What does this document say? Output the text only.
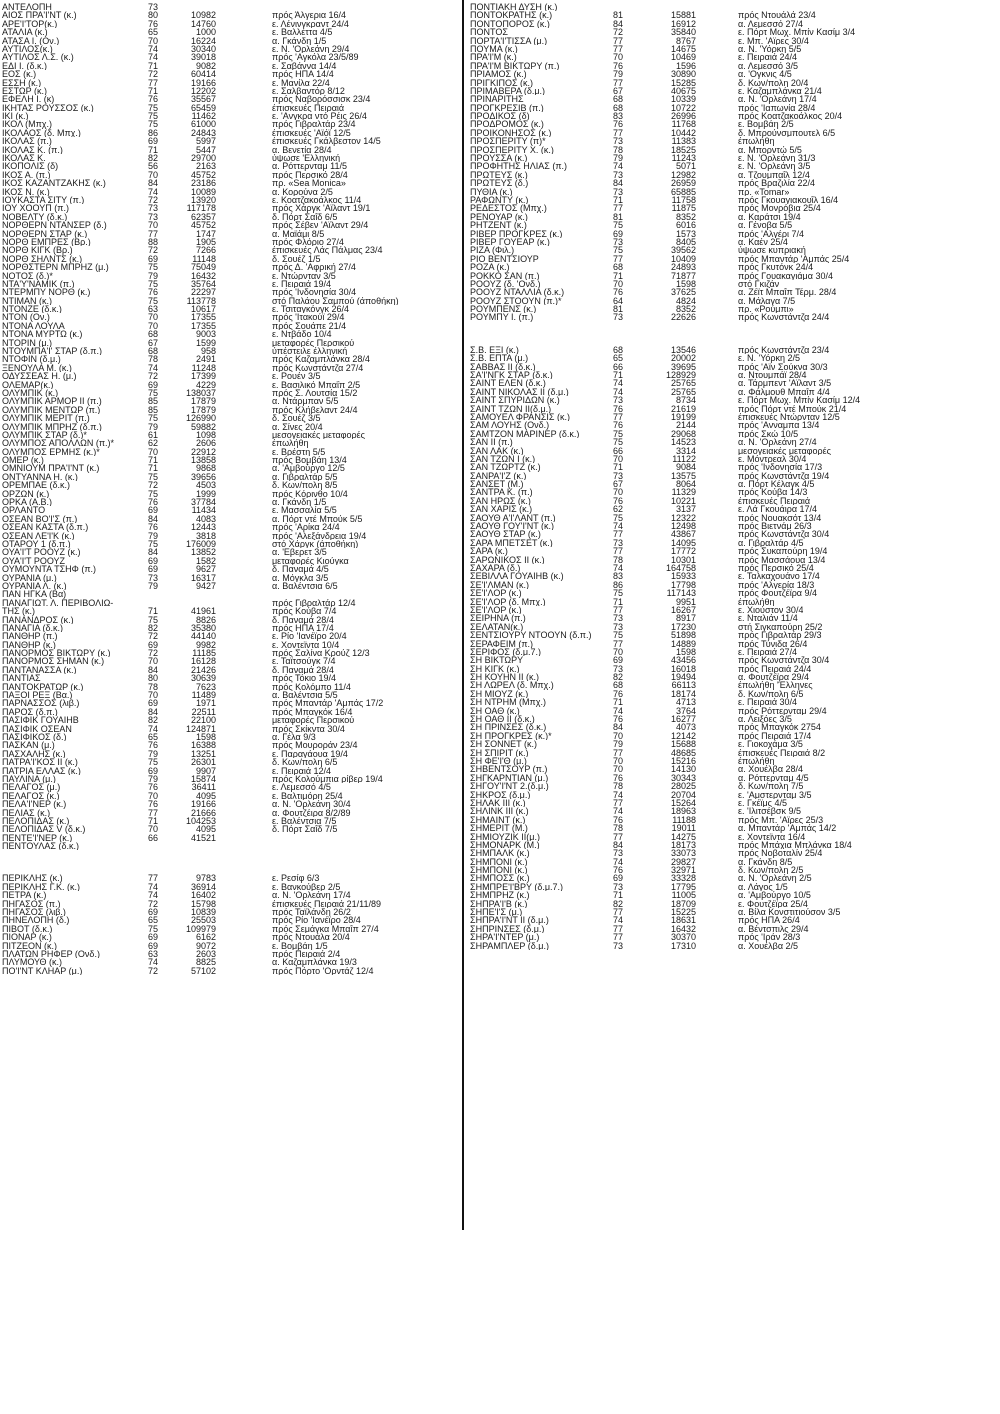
ΑΝΤΕΛΟΠΗ	73
ΑΙΟΣ ΠΡΑ'Ι'ΝΤ (κ.)	80	10982	πρός Άλγερια 16/4
ΑΡΕ'Ι'ΤΟΡ(κ.)	76	14760	ε. Λένινγκραντ 24/4
ΑΤΑΛΙΑ (κ.)	65	1000	ε. Βαλλέττα 4/5
ΑΤΑΣΑ Ι. (Ον.)	70	16224	α. Γκάνδη 1/5
ΑΥΤΙΛΟΣ(κ.)	74	30340	ε. Ν. 'Ορλεάνη 29/4
ΑΥΤΙΛΟΣ Λ.Σ. (κ.)	74	39018	πρός 'Αγκόλα 23/5/89
ΕΔΙ Ι. (δ.κ.)	71	9082	ε. Σαβάννα 14/4
ΕΟΣ (κ.)	72	60414	πρός ΗΠΑ 14/4
ΕΣΣΗ (κ.)	77	19166	ε. Μανίλα 22/4
ΕΣΤΩΡ (κ.)	71	12202	ε. Σαλβαντόρ 8/12
ΕΦΕΛΗ Ι. (κ)	76	35567	πρός Ναβορόσσισκ 23/4
ΙΚΗΤΑΣ ΡΟΥΣΣΟΣ (κ.)	75	65459	έπισκευές Πειραιά
ΙΚΙ (κ.)	75	11462	ε. 'Ανγκρα ντό Ρέις 26/4
ΙΚΟΛ (Μπχ.)	75	61000	πρός Γιβραλτάρ 23/4
ΙΚΟΛΑΟΣ (δ. Μπχ.)	86	24843	έπισκευές 'Αϊόϊ 12/5
ΙΚΟΛΑΣ (π.)	69	5997	έπισκευές Γκάλβεστον 14/5
ΙΚΟΛΑΣ Κ. (π.)	71	5447	α. Βενετία 28/4
ΙΚΟΛΑΣ Κ.	82	29700	ύψωσε 'Ελληνική
ΙΚΟΠΟΛΙΣ (δ)	56	2163	α. Ρόττερνταμ 11/5
ΙΚΟΣ Α. (π.)	70	45752	πρός Περσικό 28/4
ΙΚΟΣ ΚΑΖΑΝΤΖΑΚΗΣ (κ.)	84	23186	πρ. «Sea Monica»
ΙΚΟΣ Ν. (κ.)	74	10089	α. Κορούνα 2/5
ΙΟΥΚΑΣΤΑ ΣΙΤΥ (π.)	72	13920	ε. Κοατζακοάλκος 11/4
ΙΟΥ ΧΟΟΥΠ (π.)	73	117178	πρός Χάργκ 'Αϊλαντ 19/1
ΝΟΒΕΛΤΥ (δ.κ.)	73	62357	δ. Πόρτ Σαΐδ 6/5
ΝΟΡΘΕΡΝ ΝΤΑΝΣΕΡ (δ.)	70	45752	πρός Σέβεν 'Αϊλαντ 29/4
ΝΟΡΘΕΡΝ ΣΤΑΡ (κ.)	77	1747	α. Μαϊάμι 8/5
ΝΟΡΘ ΕΜΠΡΕΣ (Βρ.)	88	1905	πρός Φλόριο 27/4
ΝΟΡΘ ΚΙΓΚ (Βρ.)	72	7266	έπισκευές Λάς Πάλμας 23/4
ΝΟΡΘ ΣΗΛΝΤΣ (κ.)	69	11148	δ. Σουέζ 1/5
ΝΟΡΘΣΤΕΡΝ ΜΠΡΗΖ (μ.)	75	75049	πρός Δ. 'Αφρική 27/4
ΝΟΤΟΣ (δ.)*	79	16432	ε. Ντώρνταν 3/5
ΝΤΑ'Υ'ΝΑΜΙΚ (π.)	75	35764	ε. Πειραιά 19/4
ΝΤΕΡΜΠΥ ΝΟΡΘ (κ.)	76	22297	πρός 'Ινδονησία 30/4
ΝΤΙΜΑΝ (κ.)	75	113778	στό Παλάου Σαμπού (άποθήκη)
ΝΤΟΝΖΕ (δ.κ.)	63	10617	ε. Τσιταγκόνγκ 26/4
ΝΤΟΝ (Ον.)	70	17355	πρός 'Ιτακούϊ 29/4
ΝΤΟΝΑ ΛΟΥΛΑ	70	17355	πρός Σουάπε 21/4
ΝΤΟΝΑ ΜΥΡΤΩ (κ.)	68	9003	ε. Ντβάδο 10/4
ΝΤΟΡΙΝ (μ.)	67	1599	μεταφορές Περσικού
ΝΤΟΥΜΠΑ'Ι' ΣΤΑΡ (δ.π.)	68	958	ύπέστειλε έλληνική
ΝΤΟΦΙΝ (δ.μ.)	78	2491	πρός Καζαμπλάνκα 28/4
ΞΕΝΟΥΛΑ Μ. (κ.)	74	11248	πρός Κωνστάντζα 27/4
ΟΔΥΣΣΕΑΣ Η. (μ.)	72	17399	ε. Ρουέν 3/5
ΟΛΕΜΑΡ(κ.)	69	4229	ε. Βασιλικό Μπαΐπ 2/5
ΟΛΥΜΠΙΚ (κ.)	75	138037	πρός Σ. Λουτσία 15/2
ΟΛΥΜΠΙΚ ΑΡΜΟΡ ΙΙ (π.)	85	17879	α. Ντάρμπαν 5/5
ΟΛΥΜΠΙΚ ΜΕΝΤΩΡ (π.)	85	17879	πρός Κλήβελαντ 24/4
ΟΛΥΜΠΙΚ ΜΕΡΙΤ (π.)	75	126990	δ. Σουέζ 3/5
ΟΛΥΜΠΙΚ ΜΠΡΗΖ (δ.π.)	79	59882	α. Σίνες 20/4
ΟΛΥΜΠΙΚ ΣΤΑΡ (δ.)*	61	1098	μεσογειακές μεταφορές
ΟΛΥΜΠΟΣ ΑΠΟΛΛΩΝ (π.)*	62	2606	έπωλήθη
ΟΛΥΜΠΟΣ ΕΡΜΗΣ (κ.)*	70	22912	ε. Βρέστη 5/5
ΟΜΕΡ (κ.)	71	13858	πρός Βομβάη 13/4
ΟΜΝΙΟΥΜ ΠΡΑ'Ι'ΝΤ (κ.)	71	9868	α. 'Αμβούργο 12/5
ΟΝΤΥΑΝΝΑ Η. (κ.)	75	39656	α. Γιβραλτάρ 5/5
ΟΡΕΜΠΑΕ (δ.κ.)	72	4503	δ. Κων/πολη 8/5
ΟΡΖΩΝ (κ.)	75	1999	πρός Κόρινθο 10/4
ΟΡΚΑ (Α.Β.)	76	37784	α. Γκάνδη 1/5
ΟΡΛΑΝΤΟ	69	11434	ε. Μασσαλία 5/5
ΟΣΕΑΝ ΒΟ'Ι'Σ (π.)	84	4083	α. Πόρτ ντέ Μπούκ 5/5
ΟΣΕΑΝ ΚΑΣΤΑ (δ.π.)	76	12443	πρός 'Αρίκα 24/4
ΟΣΕΑΝ ΛΕ'Ι'Κ (κ.)	79	3818	πρός 'Αλεξάνδρεια 19/4
ΟΤΑΡΟΥ 1 (δ.π.)	75	176009	στό Χάργκ (άποθήκη)
ΟΥΑ'Ι'Τ ΡΟΟΥΖ (κ.)	84	13852	α. 'Εβερετ 3/5
ΟΥΑ'Ι'Τ ΡΟΟΥΖ	69	1582	μεταφορές Κιούγκα
ΟΥΜΟΥΝΤΑ ΤΣΗΦ (π.)	69	9627	δ. Παναμά 4/5
ΟΥΡΑΝΙΑ (μ.)	73	16317	α. Μόγκλα 3/5
ΟΥΡΑΝΙΑ Λ. (κ.)	79	9427	α. Βαλέντσια 6/5
ΠΑΝ ΗΓΚΑ (Βα)
ΠΑΝΑΓΙΩΤ. Λ. ΠΕΡΙΒΟΛΙΩ-	πρός Γιβραλτάρ 12/4
ΤΗΣ (κ.)	71	41961	πρός Κούβα 7/4
ΠΑΝΑΝΔΡΟΣ (κ.)	75	8826	δ. Παναμά 28/4
ΠΑΝΑΓΙΑ (δ.κ.)	82	35380	πρός ΗΠΑ 17/4
ΠΑΝΘΗΡ (π.)	72	44140	ε. Ρίο 'Ιανέϊρο 20/4
ΠΑΝΘΗΡ (κ.)	69	9982	ε. Χοντεϊντα 10/4
ΠΑΝΟΡΜΟΣ ΒΙΚΤΩΡΥ (κ.)	72	11185	πρός Σαλίνα Κρούζ 12/3
ΠΑΝΟΡΜΟΣ ΣΗΜΑΝ (κ.)	70	16128	ε. Ταϊτσούγκ 7/4
ΠΑΝΤΑΝΑΣΣΑ (κ.)	84	21426	δ. Παναμά 28/4
ΠΑΝΤΙΑΣ	80	30639	πρός Τόκιο 19/4
ΠΑΝΤΟΚΡΑΤΩΡ (κ.)	78	7623	πρός Κολόμπο 11/4
ΠΑΞΟΙ ΡΕΞ (Βα.)	70	11489	α. Βαλέντσια 5/5
ΠΑΡΝΑΣΣΟΣ (λιβ.)	69	1971	πρός Μπαντάρ 'Αμπάς 17/2
ΠΑΡΟΣ (δ.π.)	84	22511	πρός Μπαγκόκ 16/4
ΠΑΣΙΦΙΚ ΓΟΥΑΙΗΒ	82	22100	μεταφορές Περσικού
ΠΑΣΙΦΙΚ ΟΣΕΑΝ	74	124871	πρός Σκίκντα 30/4
ΠΑΣΙΦΙΚΟΣ (δ.)	65	1598	α. Γέλα 9/3
ΠΑΣΚΑΝ (μ.)	76	16388	πρός Μουροράν 23/4
ΠΑΣΧΑΛΗΣ (κ.)	79	13251	ε. Παραγάουα 19/4
ΠΑΤΡΑ'Ι'ΚΟΣ ΙΙ (κ.)	75	26301	δ. Κων/πολη 6/5
ΠΑΤΡΙΑ ΕΛΛΑΣ (κ.)	69	9907	ε. Πειραιά 12/4
ΠΑΥΛΙΝΑ (μ.)	79	15874	πρός Κολούμπια ρίβερ 19/4
ΠΕΛΑΓΟΣ (μ.)	76	36411	ε. Λεμεσσό 4/5
ΠΕΛΑΓΟΣ (κ.)	70	4095	ε. Βαλτιμόρη 25/4
ΠΕΛΑ'Ι'ΝΕΡ (κ.)	76	19166	α. Ν. 'Ορλεάνη 30/4
ΠΕΛΙΑΣ (κ.)	77	21666	α. Φουτζέιρα 8/2/89
ΠΕΛΟΠΙΔΑΣ (κ.)	71	104253	ε. Βαλέντσια 7/5
ΠΕΛΟΠΙΔΑΣ V (δ.κ.)	70	4095	δ. Πόρτ Σαΐδ 7/5
ΠΕΝΤΕ'Ι'ΝΕΡ (κ.)	66	41521
ΠΕΝΤΟΥΛΑΣ (δ.κ.)
ΠΕΡΙΚΛΗΣ (κ.)	77	9783	ε. Ρεσίφ 6/3
ΠΕΡΙΚΛΗΣ Γ.Κ. (κ.)	74	36914	ε. Βανκούβερ 2/5
ΠΕΤΡΑ (κ.)	74	16402	α. Ν. 'Ορλεάνη 17/4
ΠΗΓΑΣΟΣ (π.)	72	15798	έπισκευές Πειραιά 21/11/89
ΠΗΓΑΣΟΣ (λιβ.)	69	10839	πρός Ταϊλάνδη 26/2
ΠΗΝΕΛΟΠΗ (δ.)	65	25503	πρός Ρίο 'Ιανέϊρο 28/4
ΠΙΒΟΤ (δ.κ.)	75	109979	πρός Σεμάγκα Μπαΐπ 27/4
ΠΙΟΝΑΡ (κ.)	69	6162	πρός Ντουάλα 20/4
ΠΙΤΖΕΟΝ (κ.)	69	9072	ε. Βομβάη 1/5
ΠΛΑΤΩΝ ΡΗΦΕΡ (Ονδ.)	63	2603	πρός Πειραιά 2/4
ΠΛΥΜΟΥΘ (κ.)	74	8825	α. Καζαμπλάνκα 19/3
ΠΟ'Ι'ΝΤ ΚΛΗΑΡ (μ.)	72	57102	πρός Πόρτο 'Ορντάζ 12/4
ΠΟΝΤΙΑΚΗ ΔΥΣΗ (κ.)
ΠΟΝΤΟΚΡΑΤΗΣ (κ.)	81	15881	πρός Ντουάλά 23/4
ΠΟΝΤΟΠΟΡΟΣ (κ.)	84	16912	α. Λεμεσσό 27/4
ΠΟΝΤΟΣ	72	35840	ε. Πόρτ Μωχ. Μπίν Κασίμ 3/4
ΠΟΡΤΑ'Ι'ΤΙΣΣΑ (μ.)	77	8767	ε. Μπ. 'Αϊρες 30/4
ΠΟΥΜΑ (κ.)	77	14675	α. Ν. 'Υόρκη 5/5
ΠΡΑ'Ι'Μ (κ.)	70	10469	ε. Πειραιά 24/4
ΠΡΑ'Ι'Μ ΒΙΚΤΩΡΥ (π.)	76	1596	α. Λεμεσσό 3/5
ΠΡΙΑΜΟΣ (κ.)	79	30890	α. 'Ογκνις 4/5
ΠΡΙΓΚΙΠΟΣ (κ.)	77	15285	δ. Κων/πολη 20/4
ΠΡΙΜΑΒΕΡΑ (δ.μ.)	67	40675	ε. Καζαμπλάνκα 21/4
ΠΡΙΝΑΡΙΤΗΣ	68	10339	α. Ν. 'Ορλεάνη 17/4
ΠΡΟΓΚΡΕΣΙΒ (π.)	68	10722	πρός 'Ιαπωνία 28/4
ΠΡΟΔΙΚΟΣ (δ)	83	26996	πρός Κοατζακοάλκος 20/4
ΠΡΟΔΡΟΜΟΣ (κ.)	76	11768	ε. Βομβάη 2/5
ΠΡΟΙΚΟΝΗΣΟΣ (κ.)	77	10442	δ. Μπρούνσμπουτελ 6/5
ΠΡΟΣΠΕΡΙΤΥ (π)*	73	11383	έπωλήθη
ΠΡΟΣΠΕΡΙΤΥ Χ. (κ.)	78	18525	α. Μπορντώ 5/5
ΠΡΟΥΣΣΑ (κ.)	79	11243	ε. Ν. 'Ορλεάνη 31/3
ΠΡΟΦΗΤΗΣ ΗΛΙΑΣ (π.)	74	5071	ε. Ν. 'Ορλεάνη 3/5
ΠΡΩΤΕΥΣ (κ.)	73	12982	α. Τζουμπαΐλ 12/4
ΠΡΩΤΕΥΣ (δ.)	84	26959	πρός Βραζιλία 22/4
ΠΥΘΙΑ (κ.)	73	65885	πρ. «Tomar»
ΡΑΦΩΝΤΥ (κ.)	71	11758	πρός Γκουαγιακουΐλ 16/4
ΡΕΔΕΣΤΟΣ (Μπχ.)	77	11875	πρός Μονρόβια 25/4
ΡΕΝΟΥΑΡ (κ.)	81	8352	α. Καράτσι 19/4
ΡΗΤΖΕΝΤ (κ.)	75	6016	α. Γένοβα 5/5
ΡΙΒΕΡ ΠΡΟΓΚΡΕΣ (κ.)	69	1573	πρός 'Αλγέρι 7/4
ΡΙΒΕΡ ΓΟΥΕΑΡ (κ.)	73	8405	α. Καέν 25/4
ΡΙΖΑ (Φιλ.)	75	39562	ύψωσε κυπριακή
ΡΙΟ ΒΕΝΤΣΙΟΥΡ	77	10409	πρός Μπαντάρ 'Αμπάς 25/4
ΡΟΖΑ (κ.)	68	24893	πρός Γκυτόνκ 24/4
ΡΟΚΚΟ ΣΑΝ (π.)	71	71877	πρός Γουακαγιάμα 30/4
ΡΟΟΥΖ (δ. 'Ονδ.)	70	1598	στό Γκιζάν
ΡΟΟΥΖ ΝΤΑΛΛΙΑ (δ.κ.)	76	37625	α. Ζέϊτ Μπαΐπ Τέρμ. 28/4
ΡΟΟΥΖ ΣΤΟΟΥΝ (π.)*	64	4824	α. Μάλαγα 7/5
ΡΟΥΜΠΕΝΣ (κ.)	81	8352	πρ. «Ρούμπι»
ΡΟΥΜΠΥ Ι. (π.)	73	22626	πρός Κωνστάντζα 24/4
Σ.Β. ΕΞΙ (κ.)	68	13546	πρός Κωνστάντζα 23/4
Σ.Β. ΕΠΤΑ (μ.)	65	20002	ε. Ν. 'Υόρκη 2/5
ΣΑΒΒΑΣ ΙΙ (δ.κ.)	66	39695	πρός 'Αϊν Σούκνα 30/3
ΣΑ'Ι'ΝΓΚ ΣΤΑΡ (δ.κ.)	71	128929	α. Ντουμπάϊ 28/4
ΣΑΙΝΤ ΕΛΕΝ (δ.κ.)	74	25765	α. Τάρμπεντ 'Αϊλαντ 3/5
ΣΑΙΝΤ ΝΙΚΟΛΑΣ ΙΙ (δ.μ.)	74	25765	α. Φάλμουθ Μπαΐπ 4/4
ΣΑΙΝΤ ΣΠΥΡΙΔΩΝ (κ.)	73	8734	ε. Πόρτ Μωχ. Μπίν Κασίμ 12/4
ΣΑΙΝΤ ΤΖΩΝ ΙΙ(δ.μ.)	76	21619	πρός Πόρτ ντέ Μπούκ 21/4
ΣΑΜΟΥΕΛ ΦΡΑΝΣΙΣ (κ.)	77	19199	έπισκευές Ντώρνταν 12/5
ΣΑΜ ΛΟΥΗΣ (Ονδ.)	76	2144	πρός 'Ανναμπα 13/4
ΣΑΜΤΖΟΝ ΜΑΡΙΝΕΡ (δ.κ.)	75	29068	πρός Σκώ 10/5
ΣΑΝ ΙΙ (π.)	75	14523	α. Ν. 'Ορλεάνη 27/4
ΣΑΝ ΛΑΚ (κ.)	66	3314	μεσογειακές μεταφορές
ΣΑΝ ΤΖΩΝ Ι (κ.)	70	11122	ε. Μόντρεαλ 30/4
ΣΑΝ ΤΖΩΡΤΖ (κ.)	71	9084	πρός 'Ινδονησία 17/3
ΣΑΝΡΑ'Ι'Ζ (κ.)	73	13575	πρός Κωνστάντζα 19/4
ΣΑΝΣΕΤ (Μ.)	67	8064	α. Πόρτ Κέλαγκ 4/5
ΣΑΝΤΡΑ Κ. (π.)	70	11329	πρός Κούβα 14/3
ΣΑΝ ΗΡΩΣ (κ.)	76	10221	έπισκευές Πειραιά
ΣΑΝ ΧΑΡΙΣ (κ.)	62	3137	ε. Λά Γκουάιρα 17/4
ΣΑΟΥΘ Α'Ι'ΛΑΝΤ (π.)	75	12322	πρός Νουακσότ 13/4
ΣΑΟΥΘ ΓΟΥ'Ι'ΝΤ (κ.)	74	12498	πρός Βιετνάμ 26/3
ΣΑΟΥΘ ΣΤΑΡ (κ.)	77	43867	πρός Κωνστάντζα 30/4
ΣΑΡΑ ΜΠΕΤΣΕΤ (κ.)	73	14095	α. Γιβραλτάρ 4/5
ΣΑΡΑ (κ.)	77	17772	πρός Συκαπούρη 19/4
ΣΑΡΩΝΙΚΟΣ ΙΙ (κ.)	78	10301	πρός Μασσάουα 13/4
ΣΑΧΑΡΑ (δ.)	74	164758	πρός Περσικό 25/4
ΣΕΒΙΛΛΑ ΓΟΥΑΙΗΒ (κ.)	83	15933	ε. Ταλκαχουάνο 17/4
ΣΕ'Ι'ΛΜΑΝ (κ.)	86	17798	πρός 'Αλγερία 18/3
ΣΕ'Ι'ΛΟΡ (κ.)	75	117143	πρός Φουτζέϊρα 9/4
ΣΕ'Ι'ΛΟΡ (δ. Μπχ.)	71	9951	έπωλήθη
ΣΕ'Ι'ΛΟΡ (κ.)	77	16267	ε. Χιούστον 30/4
ΣΕΙΡΗΝΑ (π.)	73	8917	ε. Νταλιάν 11/4
ΣΕΛΑΤΑΝ(κ.)	73	17230	στή Σιγκαπούρη 25/2
ΣΕΝΤΣΙΟΥΡΥ ΝΤΟΟΥΝ (δ.π.)	75	51898	πρός Γιβραλτάρ 29/3
ΣΕΡΑΦΕΙΜ (π.)	77	14889	πρός Τύνιδα 26/4
ΣΕΡΙΦΟΣ (δ.μ.7.)	70	1598	ε. Πειραιά 27/4
ΣΗ ΒΙΚΤΩΡΥ	69	43456	πρός Κωνστάντζα 30/4
ΣΗ ΚΙΓΚ (κ.)	73	16018	πρός Πειραιά 24/4
ΣΗ ΚΟΥΗΝ ΙΙ (κ.)	82	19494	α. Φουτζέϊρα 29/4
ΣΗ ΛΩΡΕΛ (δ. Μπχ.)	68	66113	έπωλήθη 'Έλληνες
ΣΗ ΜΙΟΥΖ (κ.)	76	18174	δ. Κων/πολη 6/5
ΣΗ ΝΤΡΗΜ (Μπχ.)	71	4713	ε. Πειραιά 30/4
ΣΗ ΟΑΘ (κ.)	74	3764	πρός Ρόττερνταμ 29/4
ΣΗ ΟΑΘ ΙΙ (δ.κ.)	76	16277	α. Λειξόες 3/5
ΣΗ ΠΡΙΝΣΕΣ (δ.κ.)	84	4073	πρός Μπαγκόκ 2754
ΣΗ ΠΡΟΓΚΡΕΣ (κ.)*	70	12142	πρός Πειραιά 17/4
ΣΗ ΣΟΝΝΕΤ (κ.)	79	15688	ε. Γιοκοχάμα 3/5
ΣΗ ΣΠΙΡΙΤ (κ.)	77	48685	έπισκευές Πειραιά 8/2
ΣΗ ΦΕ'Ι'Θ (μ.)	70	15216	έπωλήθη
ΣΗΒΕΝΤΣΟΥΡ (π.)	70	14130	α. Χουέλβα 28/4
ΣΗΓΚΑΡΝΤΙΑΝ (μ.)	76	30343	α. Ρόττερνταμ 4/5
ΣΗΓΟΥ'Ι'ΝΤ 2.(δ.μ.)	78	28025	δ. Κων/πολη 7/5
ΣΗΚΡΟΣ (δ.μ.)	74	20704	ε. 'Αμστερνταμ 3/5
ΣΗΛΑΚ ΙΙΙ (κ.)	77	15264	ε. Γκέϊμς 4/5
ΣΗΛΙΝΚ ΙΙΙ (κ.)	74	18963	ε. 'Ιλιτσέβσκ 9/5
ΣΗΜΑΙΝΤ (κ.)	76	11188	πρός Μπ. 'Αϊρες 25/3
ΣΗΜΕΡΙΤ (Μ.)	78	19011	α. Μπαντάρ 'Αμπάς 14/2
ΣΗΜΙΟΥΖΙΚ ΙΙ(μ.)	77	14275	ε. Χοντεϊντα 16/4
ΣΗΜΟΝΑΡΚ (Μ.)	84	18173	πρός Μπάχια Μπλάνκα 18/4
ΣΗΜΠΑΛΚ (κ.)	73	33073	πρός Νοβοταλίν 25/4
ΣΗΜΠΟΝΙ (κ.)	74	29827	α. Γκάνδη 8/5
ΣΗΜΠΟΝΙ (κ.)	76	32971	δ. Κων/πολη 2/5
ΣΗΜΠΟΣΣ (κ.)	69	33328	α. Ν. 'Ορλεάνη 2/5
ΣΗΜΠΡΕ'Ι'ΒΡΥ (δ.μ.7.)	73	17795	α. Λάγος 1/5
ΣΗΜΠΡΗΖ (κ.)	71	11005	α. 'Αμβούργο 10/5
ΣΗΠΡΑ'Ι'Β (κ.)	82	18709	ε. Φουτζέϊρα 25/4
ΣΗΠΕ'Ι'Σ (μ.)	77	15225	α. Βίλα Κονστιτιούσον 3/5
ΣΗΠΡΑ'Ι'ΝΤ ΙΙ (δ.μ.)	74	18631	πρός ΗΠΑ 26/4
ΣΗΠΡΙΝΣΕΣ (δ.μ.)	77	16432	α. Βέντσπιλς 29/4
ΣΗΡΑ'Ι'ΝΤΕΡ (μ.)	77	30370	πρός 'Ιράν 28/3
ΣΗΡΑΜΠΛΕΡ (δ.μ.)	73	17310	α. Χουέλβα 2/5
